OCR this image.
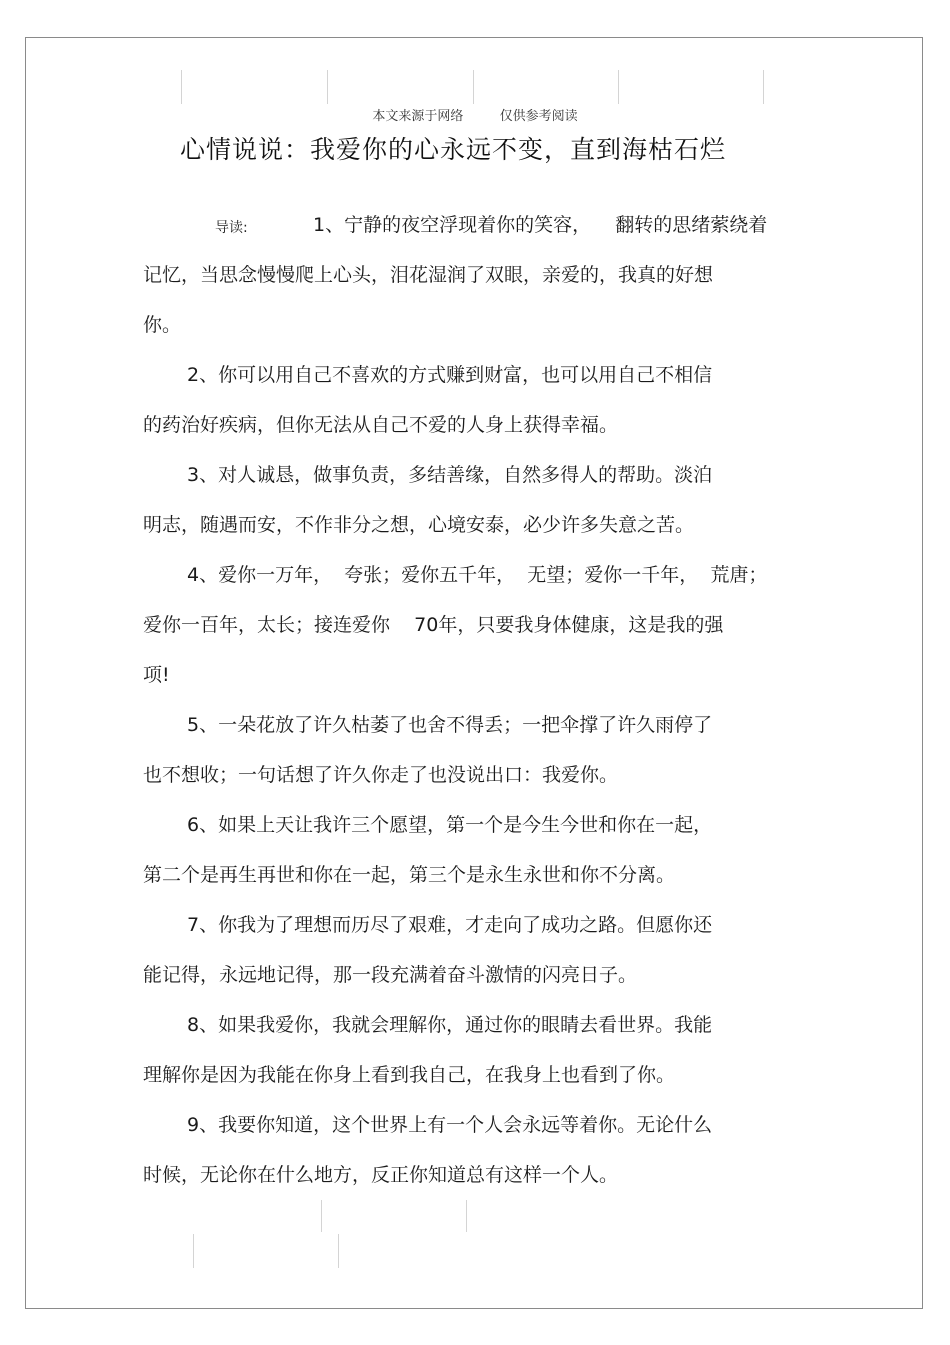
本文来源于网络	仅供参考阅读
心情说说：我爱你的心永远不变，直到海枯石烂
导读:	1、宁静的夜空浮现着你的笑容，    翻转的思绪萦绕着
记忆，当思念慢慢爬上心头，泪花湿润了双眼，亲爱的，我真的好想
你。
2、你可以用自己不喜欢的方式赚到财富，也可以用自己不相信
的药治好疾病，但你无法从自己不爱的人身上获得幸福。
3、对人诚恳，做事负责，多结善缘，自然多得人的帮助。淡泊
明志，随遇而安，不作非分之想，心境安泰，必少许多失意之苦。
4、爱你一万年，  夸张；爱你五千年，  无望；爱你一千年，  荒唐；
爱你一百年，太长；接连爱你    70年，只要我身体健康，这是我的强
项!
5、一朵花放了许久枯萎了也舍不得丢；一把伞撑了许久雨停了
也不想收；一句话想了许久你走了也没说出口：我爱你。
6、如果上天让我许三个愿望，第一个是今生今世和你在一起，
第二个是再生再世和你在一起，第三个是永生永世和你不分离。
7、你我为了理想而历尽了艰难，才走向了成功之路。但愿你还
能记得，永远地记得，那一段充满着奋斗激情的闪亮日子。
8、如果我爱你，我就会理解你，通过你的眼睛去看世界。我能
理解你是因为我能在你身上看到我自己，在我身上也看到了你。
9、我要你知道，这个世界上有一个人会永远等着你。无论什么
时候，无论你在什么地方，反正你知道总有这样一个人。
